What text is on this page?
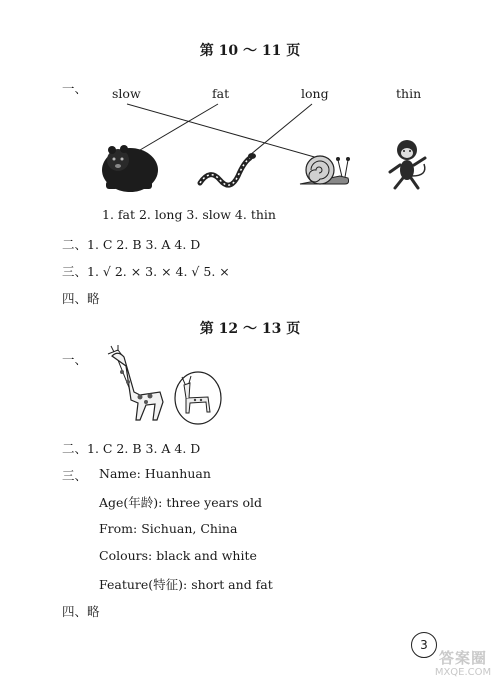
第 10 ～ 11 页
一、 slow	fat	long	thin
1. fat 2. long 3. slow 4. thin
二、1. C 2. B 3. A 4. D
三、1. √ 2. × 3. × 4. √ 5. ×
四、略
第 12 ～ 13 页
一、
二、1. C 2. B 3. A 4. D
三、 Name: Huanhuan
Age(年龄): three years old
From: Sichuan, China
Colours: black and white
Feature(特征): short and fat
四、略
3
答案圈
MXQE.COM
